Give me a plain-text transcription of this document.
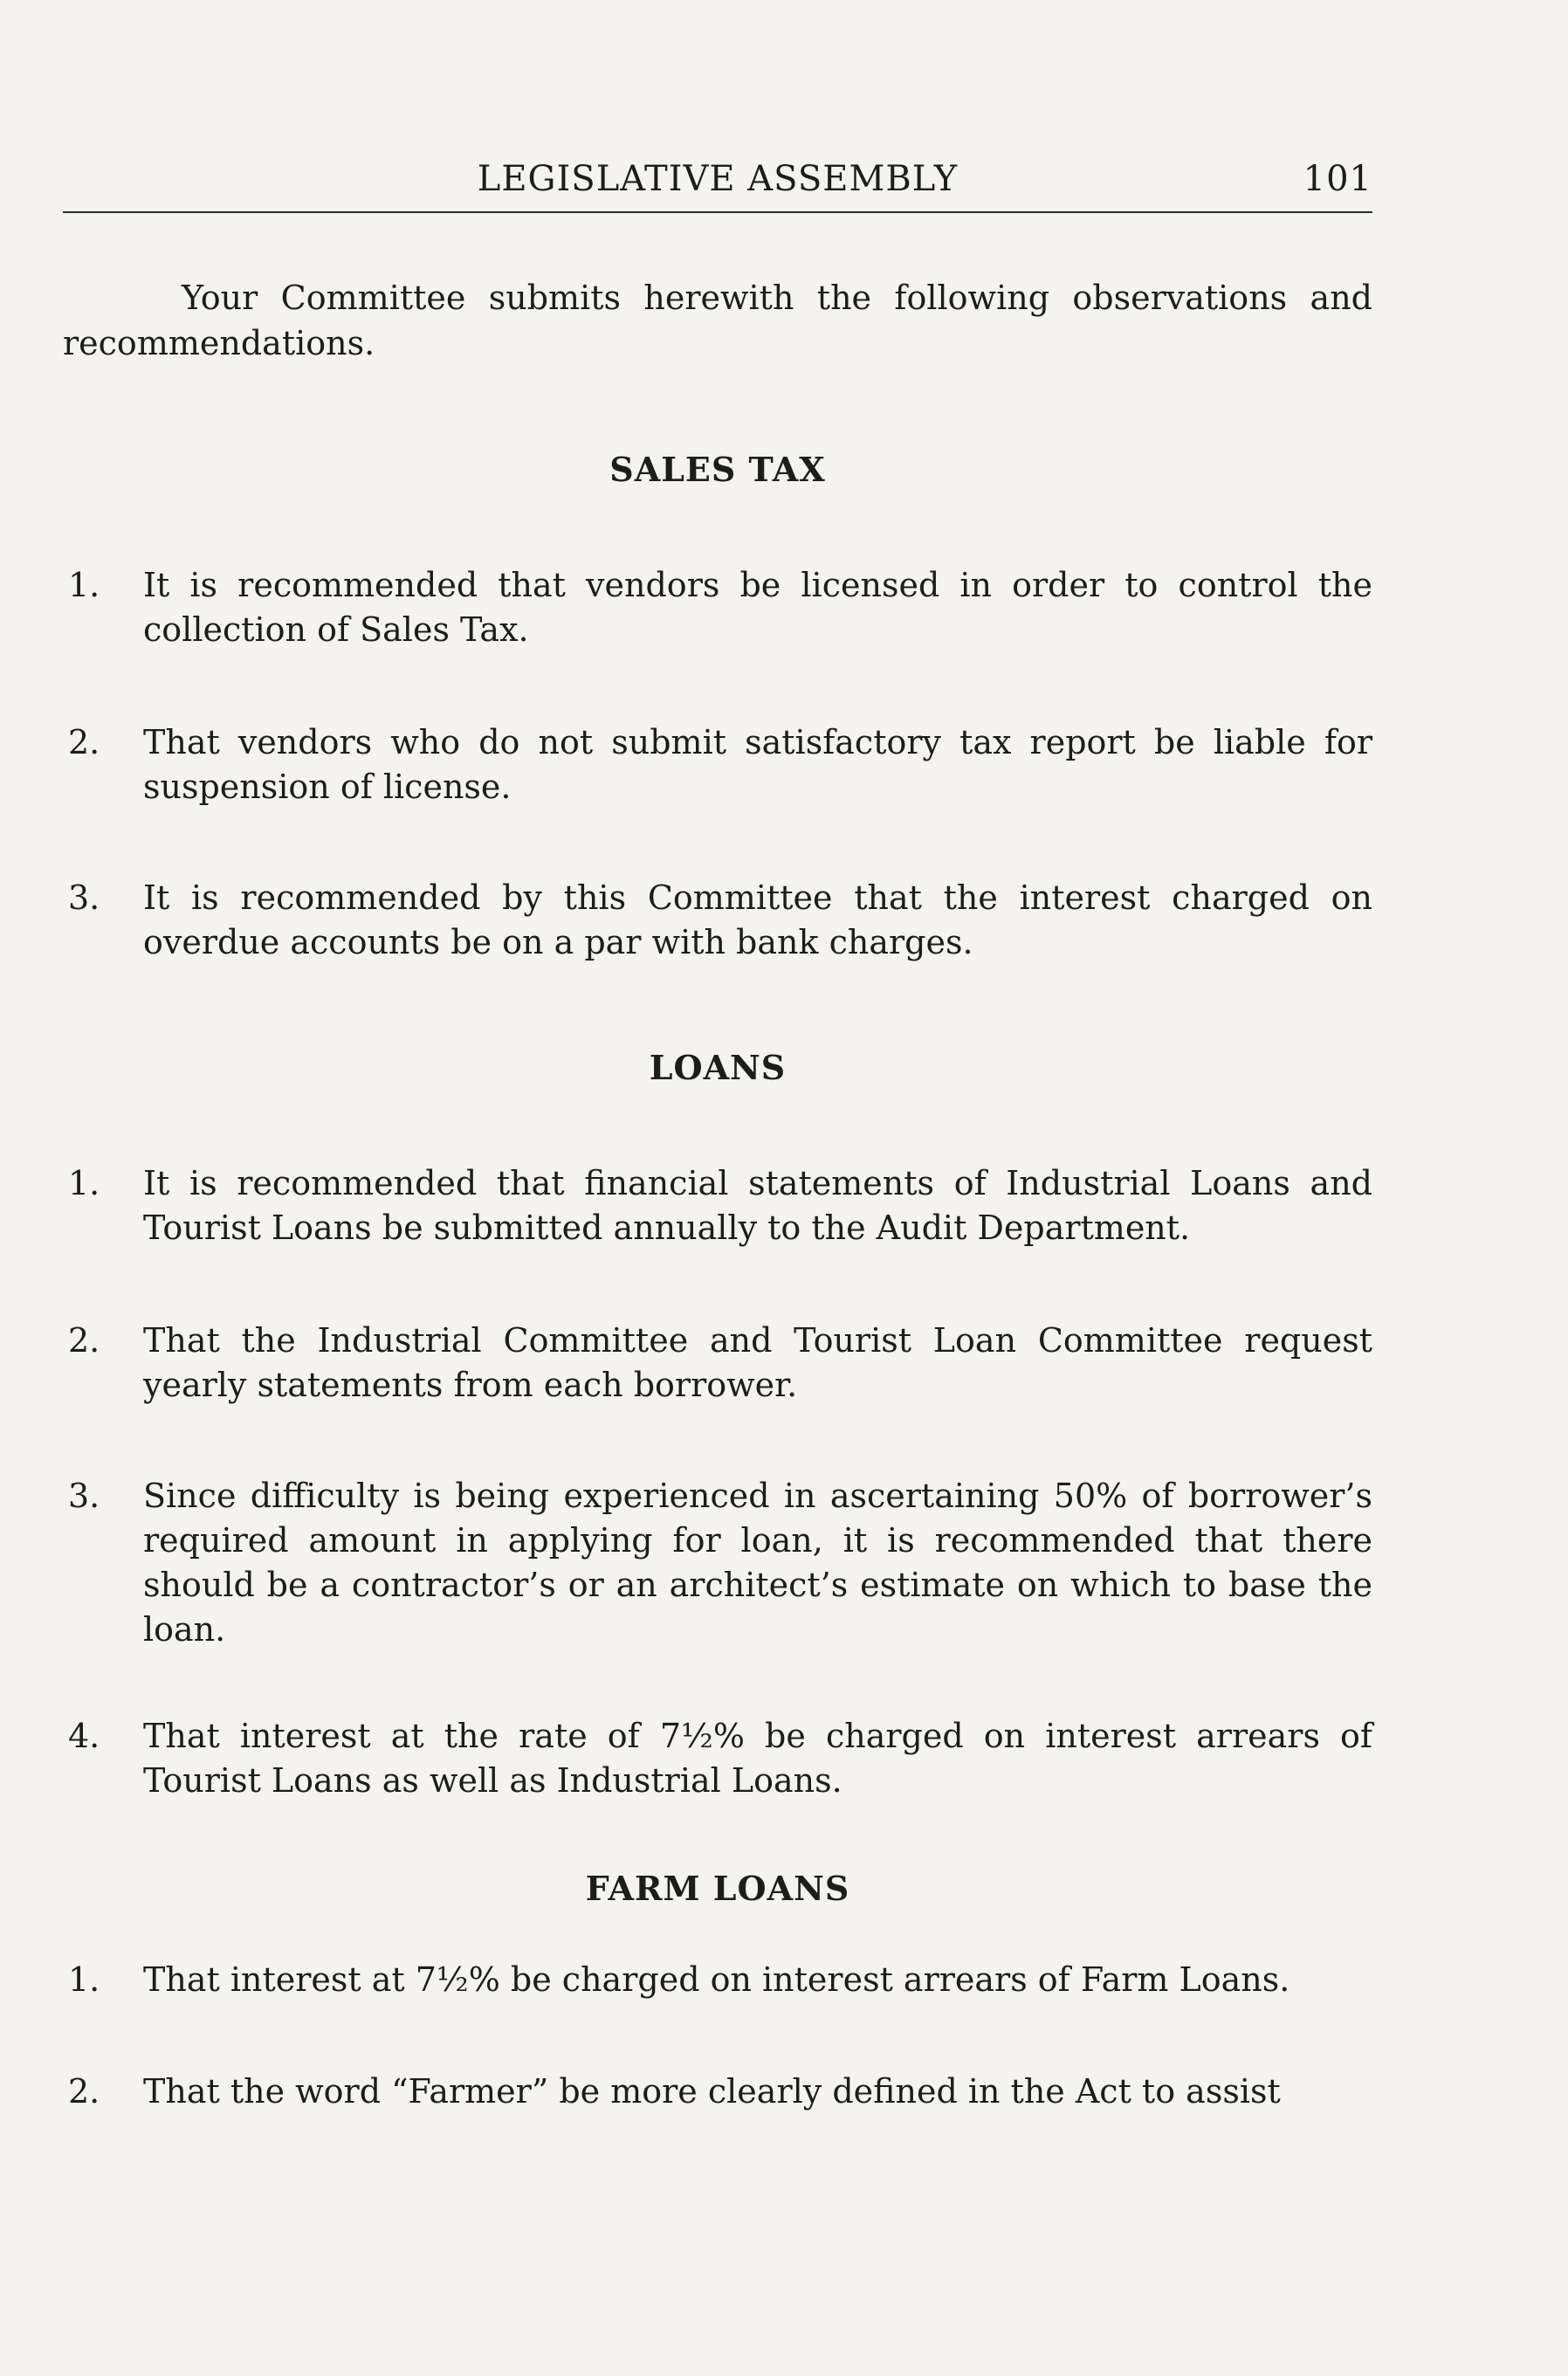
LEGISLATIVE ASSEMBLY	101

Your Committee submits herewith the following observations and recommendations.

SALES TAX
1. It is recommended that vendors be licensed in order to control the collection of Sales Tax.
2. That vendors who do not submit satisfactory tax report be liable for suspension of license.
3. It is recommended by this Committee that the interest charged on overdue accounts be on a par with bank charges.
LOANS
1. It is recommended that financial statements of Industrial Loans and Tourist Loans be submitted annually to the Audit Department.
2. That the Industrial Committee and Tourist Loan Committee request yearly statements from each borrower.
3. Since difficulty is being experienced in ascertaining 50% of borrower’s required amount in applying for loan, it is recommended that there should be a contractor’s or an architect’s estimate on which to base the loan.
4. That interest at the rate of 7½% be charged on interest arrears of Tourist Loans as well as Industrial Loans.
FARM LOANS
1. That interest at 7½% be charged on interest arrears of Farm Loans.
2. That the word “Farmer” be more clearly defined in the Act to assist
